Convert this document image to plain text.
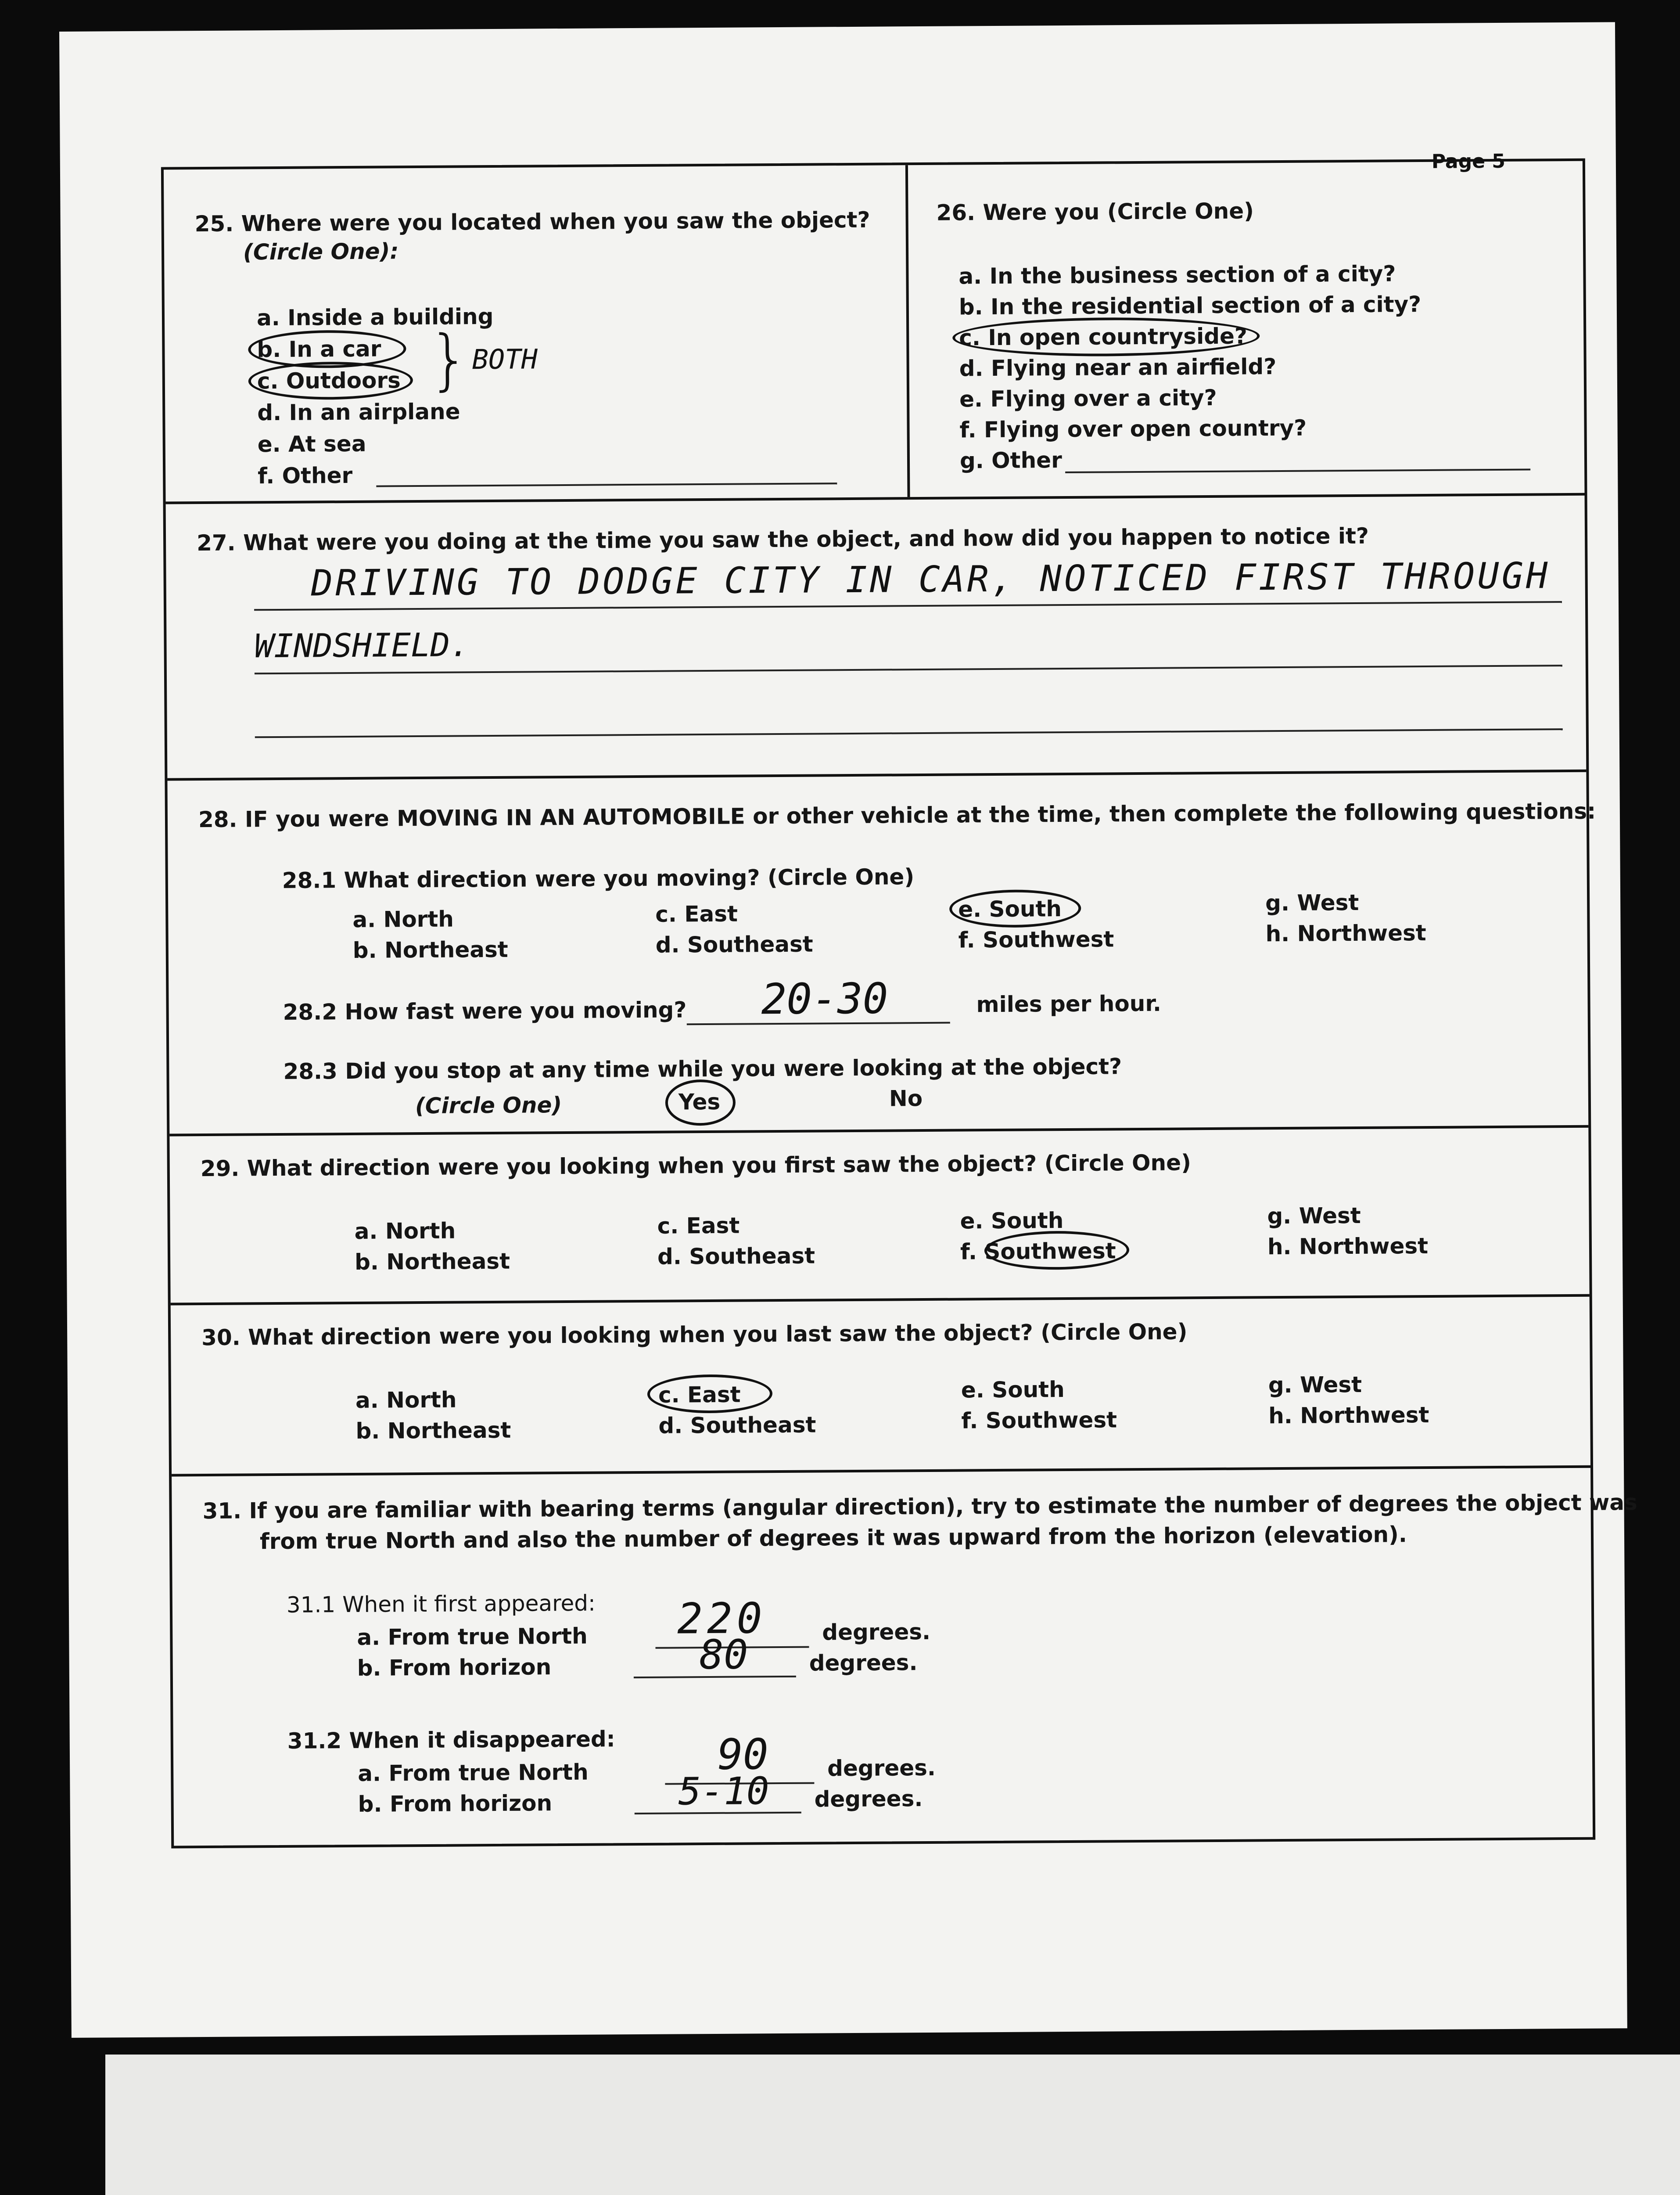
Page 5
25. Where were you located when you saw the object?
(Circle One):
a. Inside a building
b. In a car
c. Outdoors
d. In an airplane
e. At sea
f. Other
} BOTH
26. Were you (Circle One)
a. In the business section of a city?
b. In the residential section of a city?
c. In open countryside?
d. Flying near an airfield?
e. Flying over a city?
f. Flying over open country?
g. Other
27. What were you doing at the time you saw the object, and how did you happen to notice it?
DRIVING TO DODGE CITY IN CAR, NOTICED FIRST THROUGH
WINDSHIELD.
28. IF you were MOVING IN AN AUTOMOBILE or other vehicle at the time, then complete the following questions:
28.1 What direction were you moving? (Circle One)
a. North
b. Northeast
c. East
d. Southeast
e. South
f. Southwest
g. West
h. Northwest
28.2 How fast were you moving? 20-30	miles per hour.
28.3 Did you stop at any time while you were looking at the object?
(Circle One)	Yes	No
29. What direction were you looking when you first saw the object? (Circle One)
a. North
b. Northeast
c. East
d. Southeast
e. South
f. Southwest
g. West
h. Northwest
30. What direction were you looking when you last saw the object? (Circle One)
a. North
b. Northeast
c. East
d. Southeast
e. South
f. Southwest
g. West
h. Northwest
31. If you are familiar with bearing terms (angular direction), try to estimate the number of degrees the object was
from true North and also the number of degrees it was upward from the horizon (elevation).
31.1 When it first appeared:
a. From true North 220	degrees.
b. From horizon	80	degrees.
31.2 When it disappeared:
a. From true North	90	degrees.
b. From horizon	5-10 degrees.
